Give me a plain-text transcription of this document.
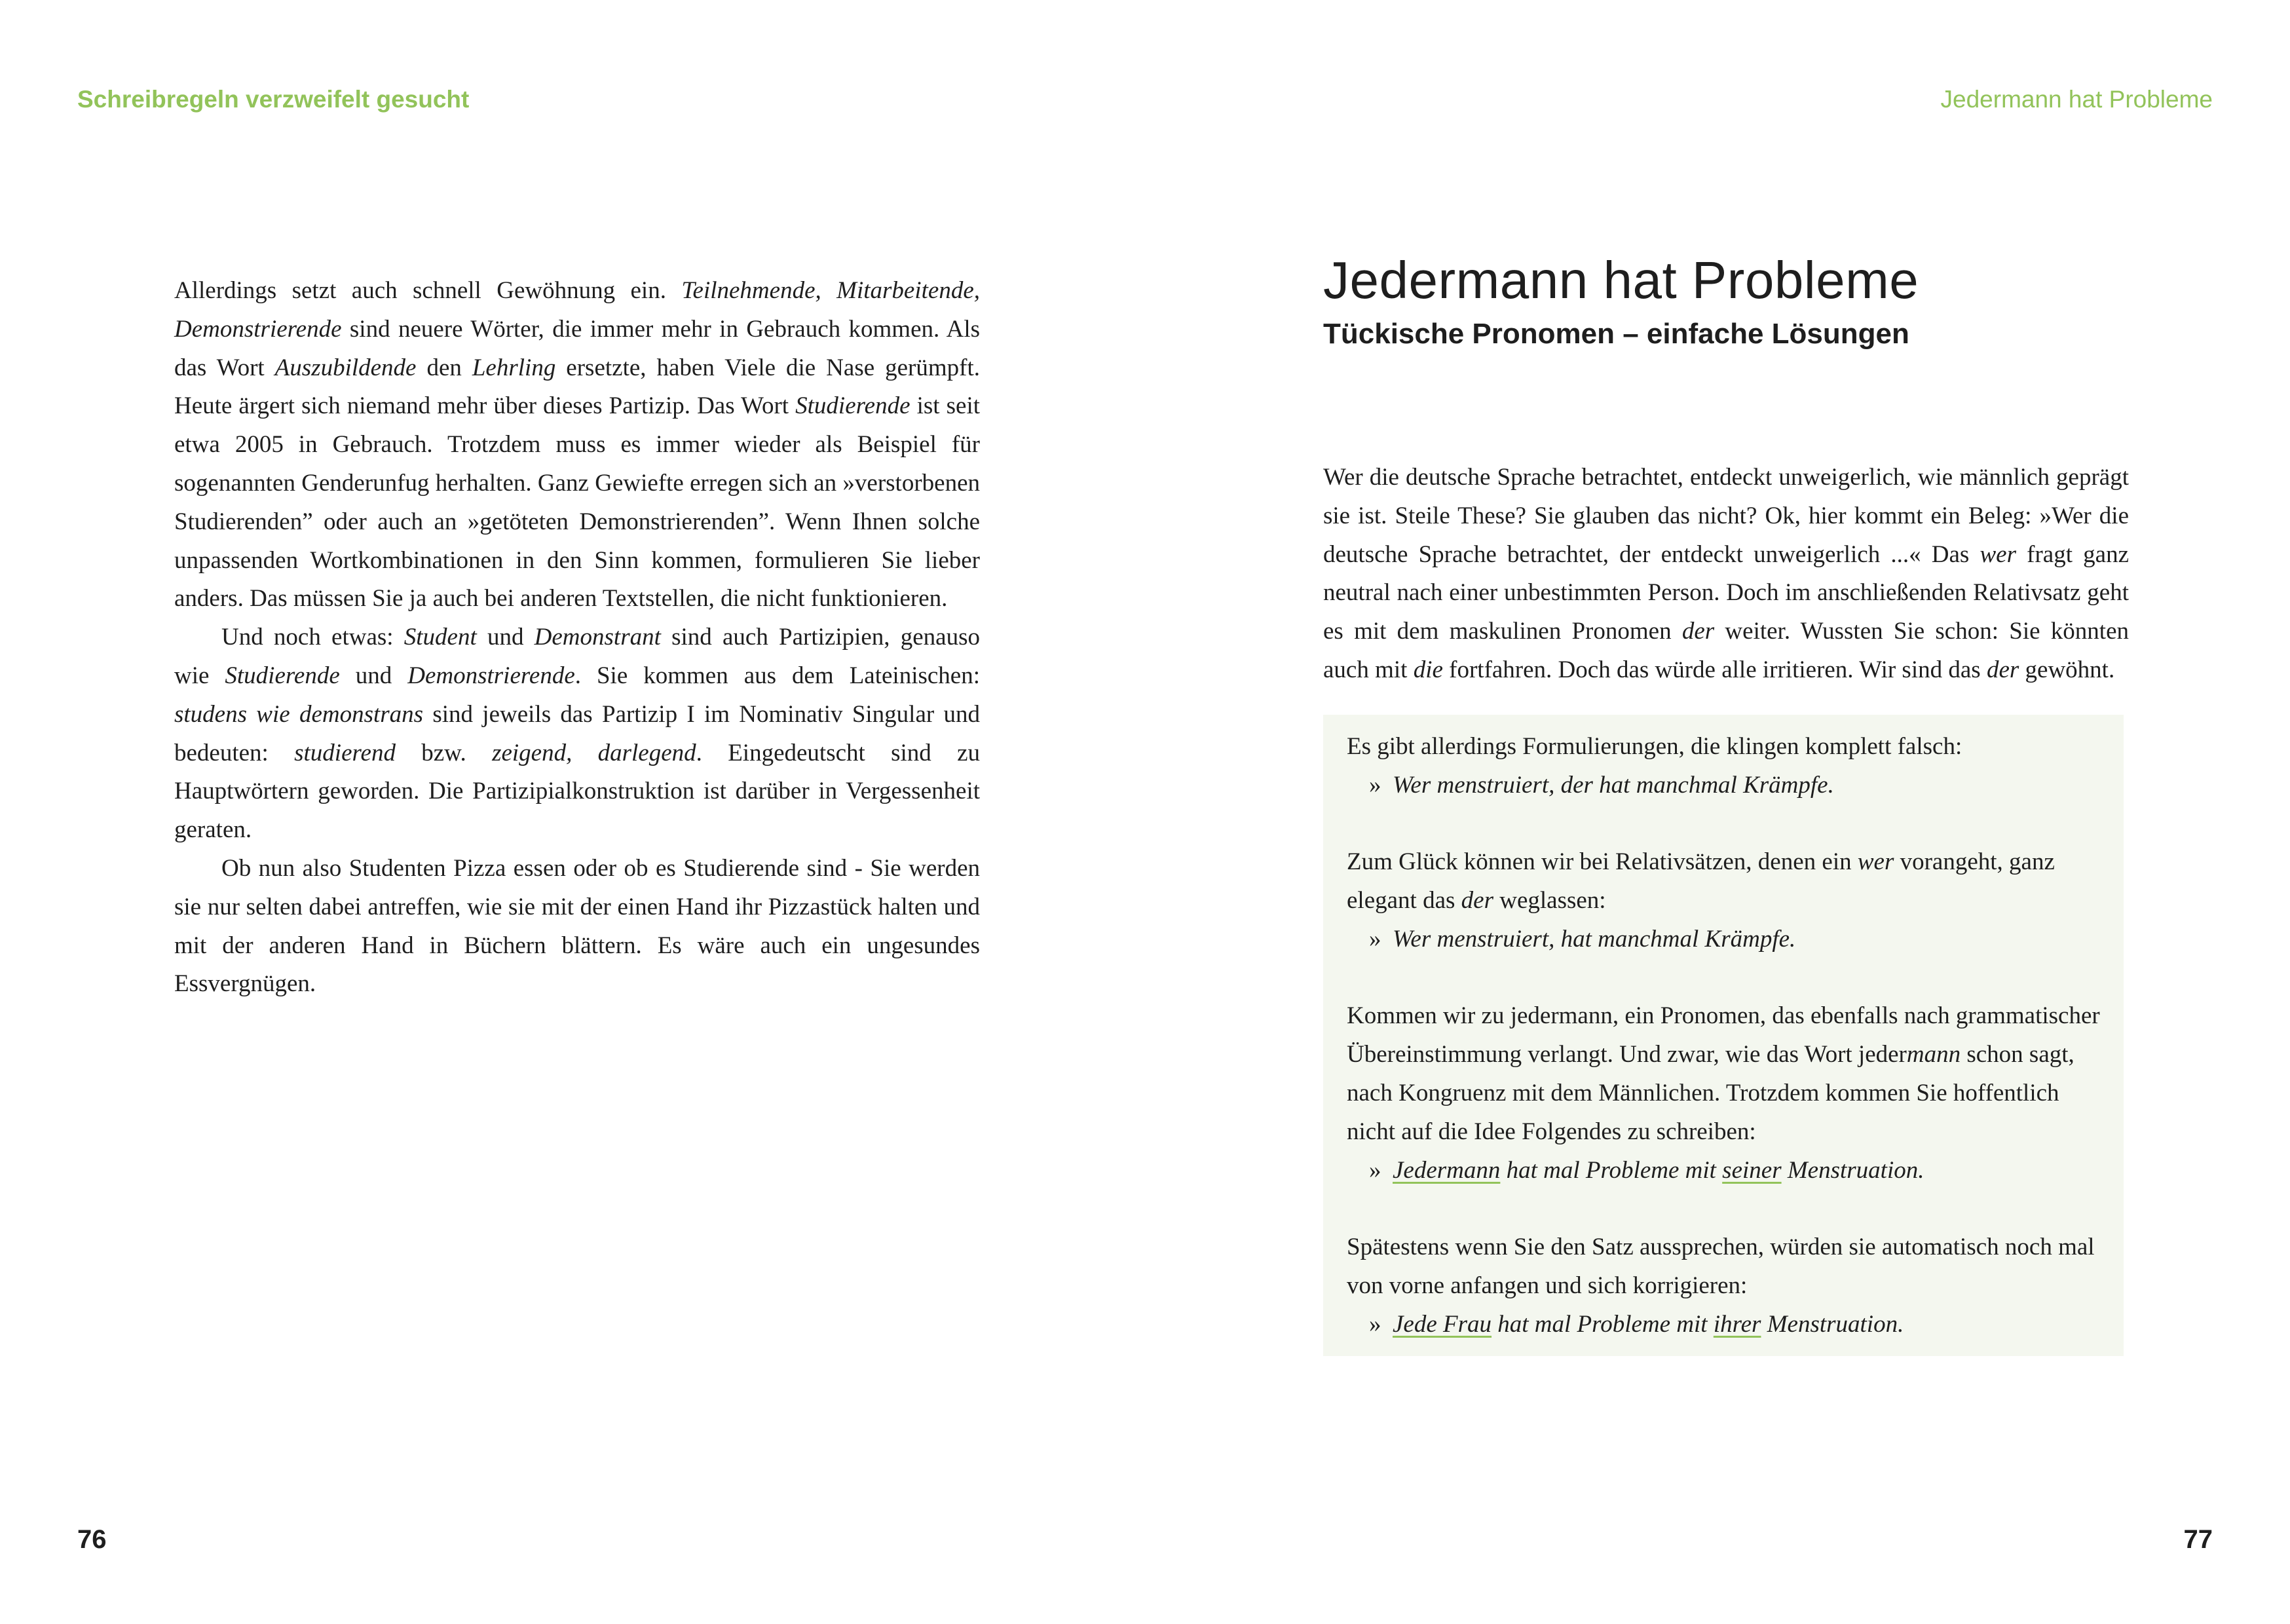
Schreibregeln verzweifelt gesucht	Jedermann hat Probleme

Allerdings setzt auch schnell Gewöhnung ein. Teilnehmende, Mitarbeitende, Demonstrierende sind neuere Wörter, die immer mehr in Gebrauch kommen. Als das Wort Auszubildende den Lehrling ersetzte, haben Viele die Nase gerümpft. Heute ärgert sich niemand mehr über dieses Partizip. Das Wort Studierende ist seit etwa 2005 in Gebrauch. Trotzdem muss es immer wieder als Beispiel für sogenannten Genderunfug herhalten. Ganz Gewiefte erregen sich an »verstorbenen Studierenden” oder auch an »getöteten Demonstrierenden”. Wenn Ihnen solche unpassenden Wortkombinationen in den Sinn kommen, formulieren Sie lieber anders. Das müssen Sie ja auch bei anderen Textstellen, die nicht funktionieren.

Und noch etwas: Student und Demonstrant sind auch Partizipien, genauso wie Studierende und Demonstrierende. Sie kommen aus dem Lateinischen: studens wie demonstrans sind jeweils das Partizip I im Nominativ Singular und bedeuten: studierend bzw. zeigend, darlegend. Eingedeutscht sind zu Hauptwörtern geworden. Die Partizipialkonstruktion ist darüber in Vergessenheit geraten.

Ob nun also Studenten Pizza essen oder ob es Studierende sind - Sie werden sie nur selten dabei antreffen, wie sie mit der einen Hand ihr Pizzastück halten und mit der anderen Hand in Büchern blättern. Es wäre auch ein ungesundes Essvergnügen.

Jedermann hat Probleme
Tückische Pronomen – einfache Lösungen

Wer die deutsche Sprache betrachtet, entdeckt unweigerlich, wie männlich geprägt sie ist. Steile These? Sie glauben das nicht? Ok, hier kommt ein Beleg: »Wer die deutsche Sprache betrachtet, der entdeckt unweigerlich ...« Das wer fragt ganz neutral nach einer unbestimmten Person. Doch im anschließenden Relativsatz geht es mit dem maskulinen Pronomen der weiter. Wussten Sie schon: Sie könnten auch mit die fortfahren. Doch das würde alle irritieren. Wir sind das der gewöhnt.

Es gibt allerdings Formulierungen, die klingen komplett falsch:

» Wer menstruiert, der hat manchmal Krämpfe.

Zum Glück können wir bei Relativsätzen, denen ein wer vorangeht, ganz elegant das der weglassen:

» Wer menstruiert, hat manchmal Krämpfe.

Kommen wir zu jedermann, ein Pronomen, das ebenfalls nach grammatischer Übereinstimmung verlangt. Und zwar, wie das Wort jedermann schon sagt, nach Kongruenz mit dem Männlichen. Trotzdem kommen Sie hoffentlich nicht auf die Idee Folgendes zu schreiben:

» Jedermann hat mal Probleme mit seiner Menstruation.

Spätestens wenn Sie den Satz aussprechen, würden sie automatisch noch mal von vorne anfangen und sich korrigieren:

» Jede Frau hat mal Probleme mit ihrer Menstruation.

76	77
